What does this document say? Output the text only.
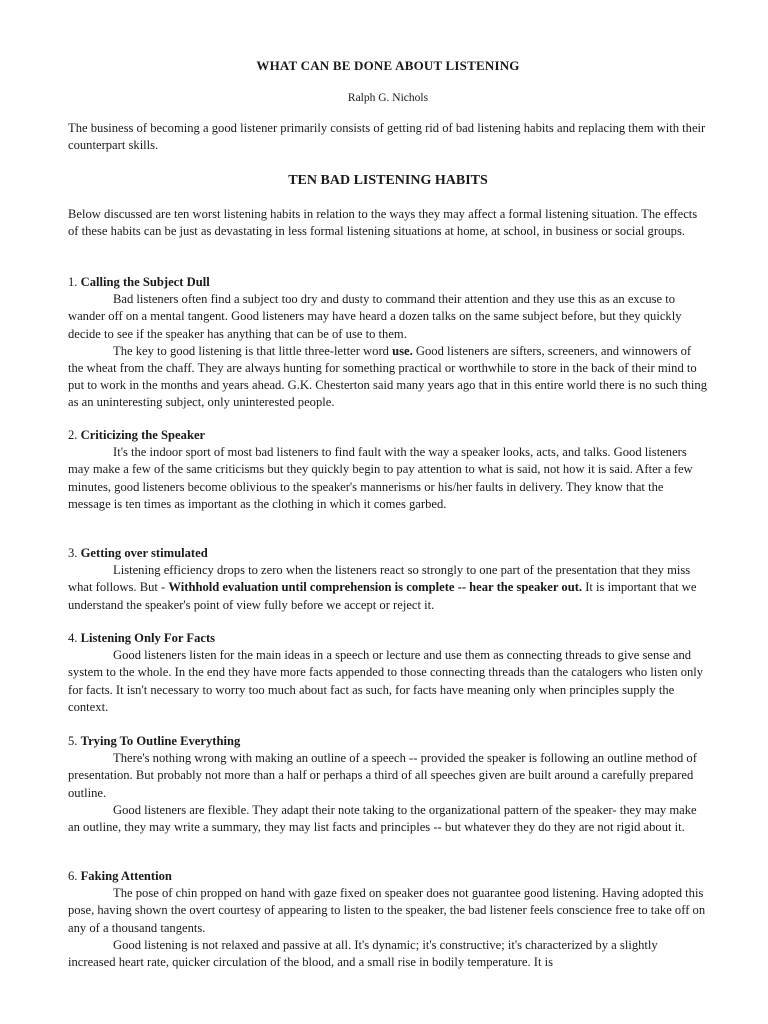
WHAT CAN BE DONE ABOUT LISTENING
Ralph G. Nichols

The business of becoming a good listener primarily consists of getting rid of bad listening habits and replacing them with their counterpart skills.

TEN BAD LISTENING HABITS

Below discussed are ten worst listening habits in relation to the ways they may affect a formal listening situation. The effects of these habits can be just as devastating in less formal listening situations at home, at school, in business or social groups.

1. Calling the Subject Dull

Bad listeners often find a subject too dry and dusty to command their attention and they use this as an excuse to wander off on a mental tangent. Good listeners may have heard a dozen talks on the same subject before, but they quickly decide to see if the speaker has anything that can be of use to them.

The key to good listening is that little three-letter word use. Good listeners are sifters, screeners, and winnowers of the wheat from the chaff. They are always hunting for something practical or worthwhile to store in the back of their mind to put to work in the months and years ahead. G.K. Chesterton said many years ago that in this entire world there is no such thing as an uninteresting subject, only uninterested people.

2. Criticizing the Speaker

It's the indoor sport of most bad listeners to find fault with the way a speaker looks, acts, and talks. Good listeners may make a few of the same criticisms but they quickly begin to pay attention to what is said, not how it is said. After a few minutes, good listeners become oblivious to the speaker's mannerisms or his/her faults in delivery. They know that the message is ten times as important as the clothing in which it comes garbed.

3. Getting over stimulated

Listening efficiency drops to zero when the listeners react so strongly to one part of the presentation that they miss what follows. But - Withhold evaluation until comprehension is complete -- hear the speaker out. It is important that we understand the speaker's point of view fully before we accept or reject it.

4. Listening Only For Facts

Good listeners listen for the main ideas in a speech or lecture and use them as connecting threads to give sense and system to the whole. In the end they have more facts appended to those connecting threads than the catalogers who listen only for facts. It isn't necessary to worry too much about fact as such, for facts have meaning only when principles supply the context.

5. Trying To Outline Everything

There's nothing wrong with making an outline of a speech -- provided the speaker is following an outline method of presentation. But probably not more than a half or perhaps a third of all speeches given are built around a carefully prepared outline.

Good listeners are flexible. They adapt their note taking to the organizational pattern of the speaker- they may make an outline, they may write a summary, they may list facts and principles -- but whatever they do they are not rigid about it.

6. Faking Attention

The pose of chin propped on hand with gaze fixed on speaker does not guarantee good listening. Having adopted this pose, having shown the overt courtesy of appearing to listen to the speaker, the bad listener feels conscience free to take off on any of a thousand tangents.

Good listening is not relaxed and passive at all. It's dynamic; it's constructive; it's characterized by a slightly increased heart rate, quicker circulation of the blood, and a small rise in bodily temperature. It is
